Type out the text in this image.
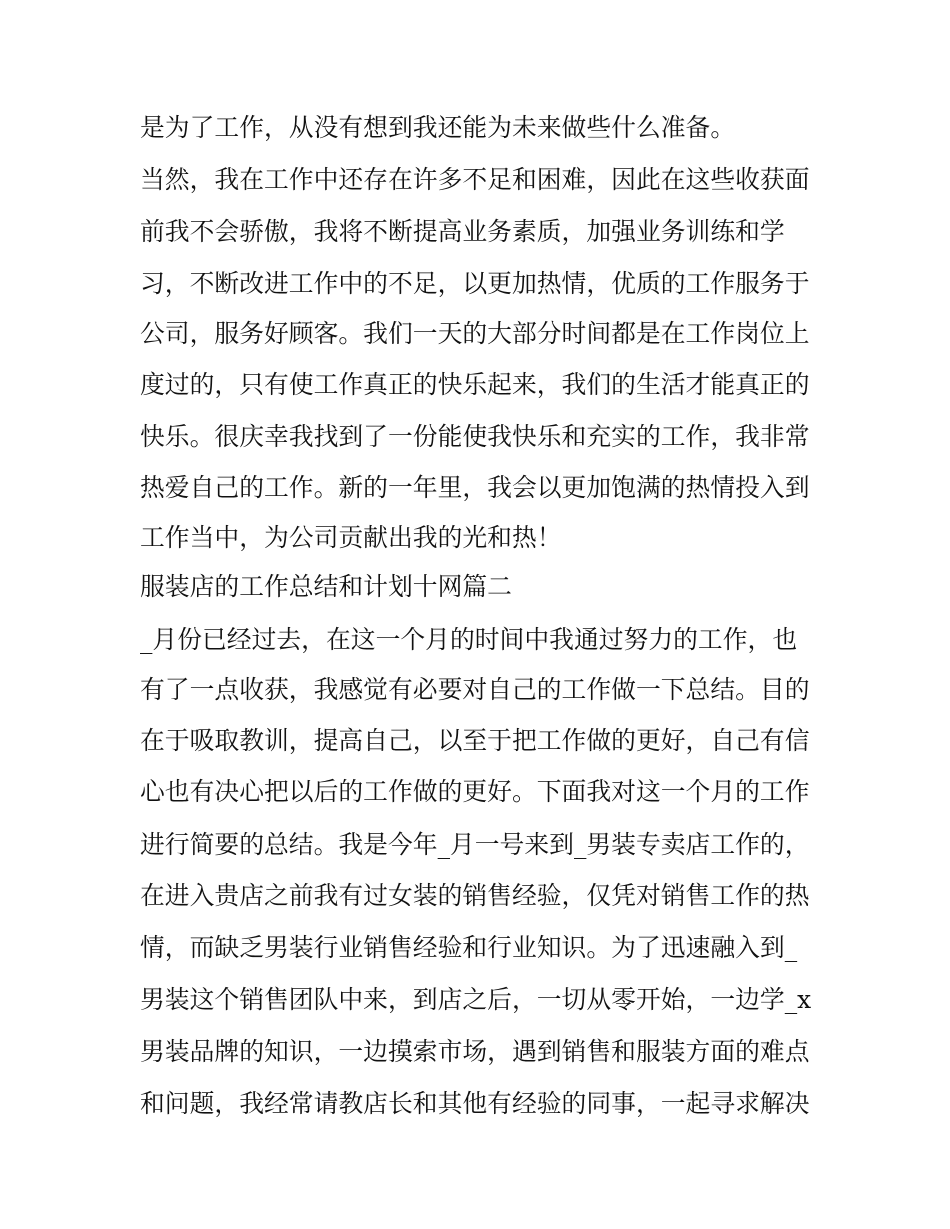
是为了工作，从没有想到我还能为未来做些什么准备。
当然，我在工作中还存在许多不足和困难，因此在这些收获面
前我不会骄傲，我将不断提高业务素质，加强业务训练和学
习，不断改进工作中的不足，以更加热情，优质的工作服务于
公司，服务好顾客。我们一天的大部分时间都是在工作岗位上
度过的，只有使工作真正的快乐起来，我们的生活才能真正的
快乐。很庆幸我找到了一份能使我快乐和充实的工作，我非常
热爱自己的工作。新的一年里，我会以更加饱满的热情投入到
工作当中，为公司贡献出我的光和热！
服装店的工作总结和计划十网篇二
_月份已经过去，在这一个月的时间中我通过努力的工作，也
有了一点收获，我感觉有必要对自己的工作做一下总结。目的
在于吸取教训，提高自己，以至于把工作做的更好，自己有信
心也有决心把以后的工作做的更好。下面我对这一个月的工作
进行简要的总结。我是今年_月一号来到_男装专卖店工作的，
在进入贵店之前我有过女装的销售经验，仅凭对销售工作的热
情，而缺乏男装行业销售经验和行业知识。为了迅速融入到_
男装这个销售团队中来，到店之后，一切从零开始，一边学_x
男装品牌的知识，一边摸索市场，遇到销售和服装方面的难点
和问题，我经常请教店长和其他有经验的同事，一起寻求解决
